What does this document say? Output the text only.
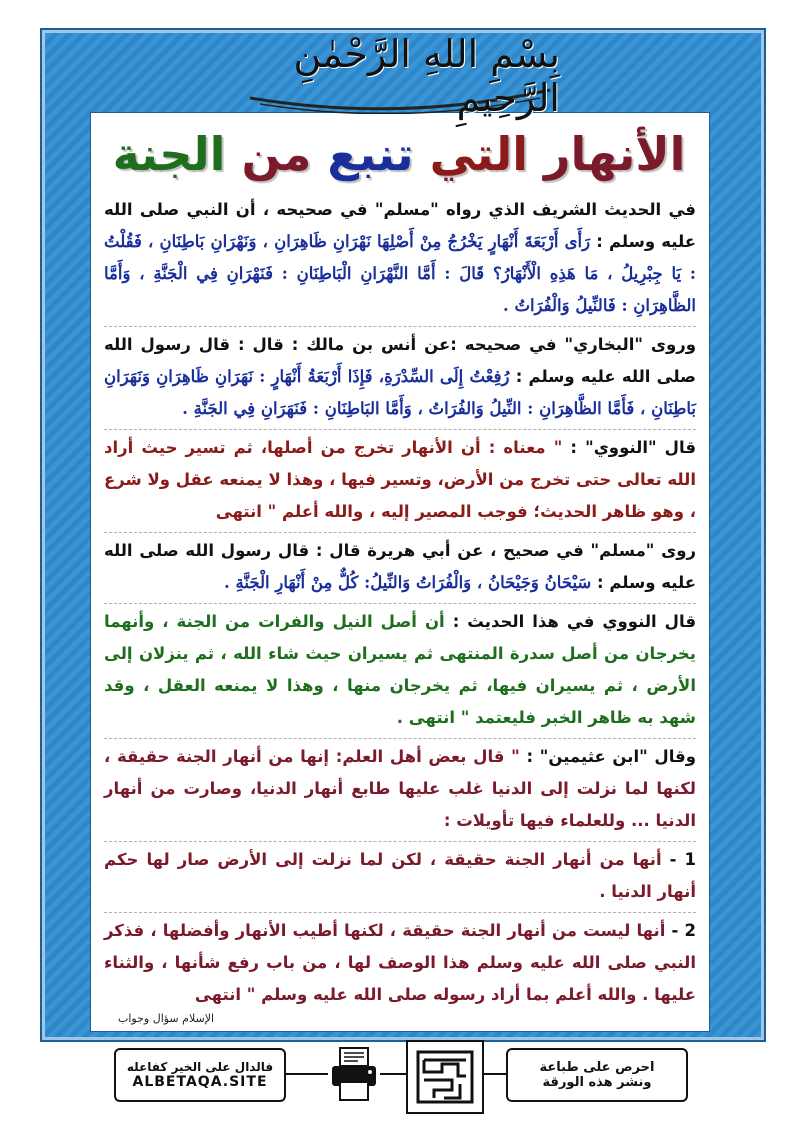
بِسْمِ اللهِ الرَّحْمٰنِ الرَّحِيمِ
الأنهار التي تنبع من الجنة

في الحديث الشريف الذي رواه "مسلم" في صحيحه ، أن النبي صلى الله عليه وسلم : رَأَى أَرْبَعَةَ أَنْهَارٍ يَخْرُجُ مِنْ أَصْلِهَا نَهْرَانِ ظَاهِرَانِ ، وَنَهْرَانِ بَاطِنَانِ ، فَقُلْتُ : يَا جِبْرِيلُ ، مَا هَذِهِ الْأَنْهَارُ؟ قَالَ : أَمَّا النَّهْرَانِ الْبَاطِنَانِ : فَنَهْرَانِ فِي الْجَنَّةِ ، وَأَمَّا الظَّاهِرَانِ : فَالنِّيلُ وَالْفُرَاتُ .

وروى "البخاري" في صحيحه :عن أنس بن مالك : قال : قال رسول الله صلى الله عليه وسلم : رُفِعْتُ إِلَى السِّدْرَةِ، فَإِذَا أَرْبَعَةُ أَنْهَارٍ : نَهَرَانِ ظَاهِرَانِ وَنَهَرَانِ بَاطِنَانِ ، فَأَمَّا الظَّاهِرَانِ : النِّيلُ وَالفُرَاتُ ، وَأَمَّا البَاطِنَانِ : فَنَهَرَانِ فِي الجَنَّةِ .

قال "النووي" : " معناه : أن الأنهار تخرج من أصلها، ثم تسير حيث أراد الله تعالى حتى تخرج من الأرض، وتسير فيها ، وهذا لا يمنعه عقل ولا شرع ، وهو ظاهر الحديث؛ فوجب المصير إليه ، والله أعلم " انتهى

روى "مسلم" في صحيح ، عن أبي هريرة قال : قال رسول الله صلى الله عليه وسلم : سَيْحَانُ وَجَيْحَانُ ، وَالْفُرَاتُ وَالنِّيلُ: كُلٌّ مِنْ أَنْهَارِ الْجَنَّةِ .

قال النووي في هذا الحديث : أن أصل النيل والفرات من الجنة ، وأنهما يخرجان من أصل سدرة المنتهى ثم يسيران حيث شاء الله ، ثم ينزلان إلى الأرض ، ثم يسيران فيها، ثم يخرجان منها ، وهذا لا يمنعه العقل ، وقد شهد به ظاهر الخبر فليعتمد " انتهى .

وقال "ابن عثيمين" : " قال بعض أهل العلم: إنها من أنهار الجنة حقيقة ، لكنها لما نزلت إلى الدنيا غلب عليها طابع أنهار الدنيا، وصارت من أنهار الدنيا ... وللعلماء فيها تأويلات :

1 - أنها من أنهار الجنة حقيقة ، لكن لما نزلت إلى الأرض صار لها حكم أنهار الدنيا .

2 - أنها ليست من أنهار الجنة حقيقة ، لكنها أطيب الأنهار وأفضلها ، فذكر النبي صلى الله عليه وسلم هذا الوصف لها ، من باب رفع شأنها ، والثناء عليها . والله أعلم بما أراد رسوله صلى الله عليه وسلم " انتهى

الإسلام سؤال وجواب
فالدال على الخير كفاعله
ALBETAQA.SITE
احرص على طباعة
ونشر هذه الورقة
